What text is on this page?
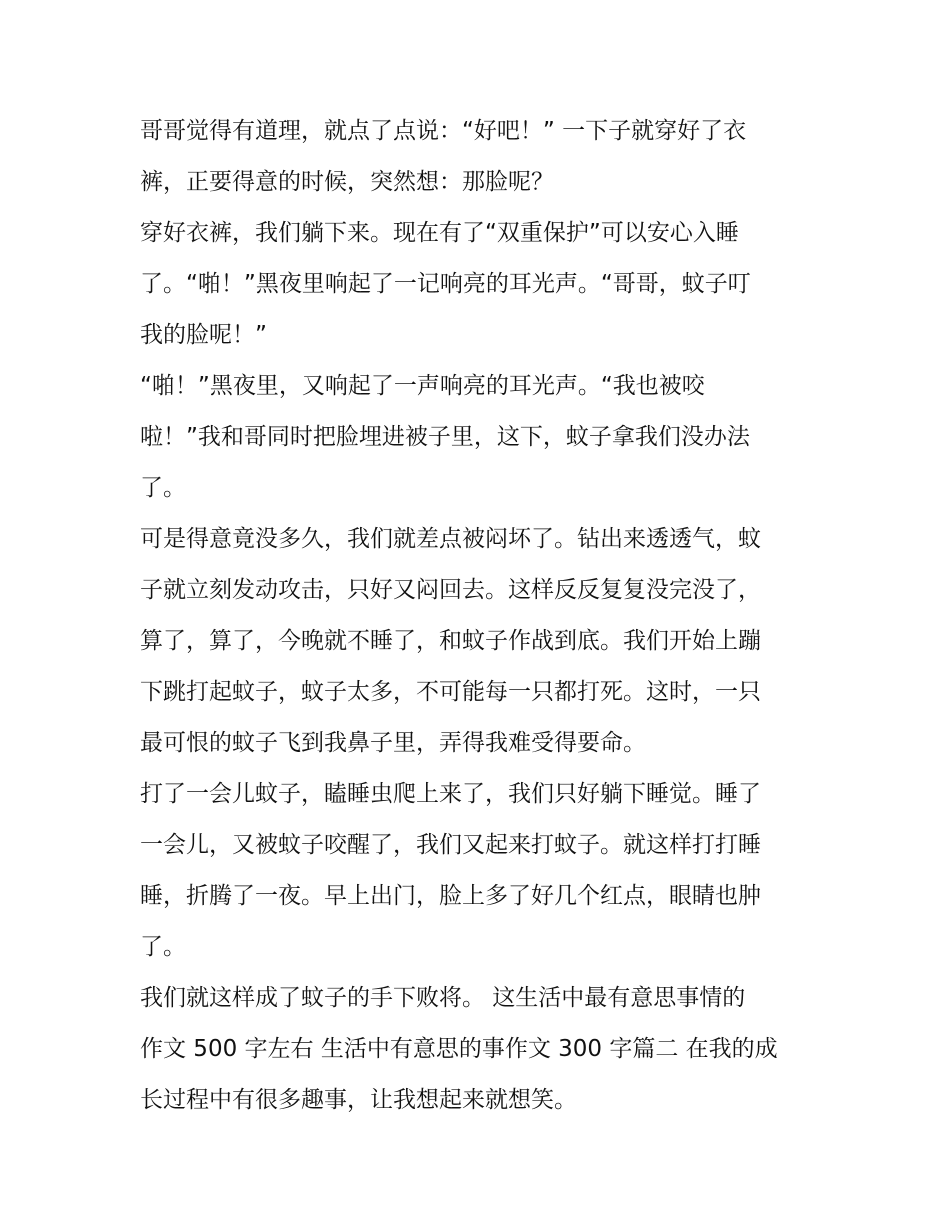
哥哥觉得有道理，就点了点说：“好吧！” 一下子就穿好了衣
裤，正要得意的时候，突然想：那脸呢？
穿好衣裤，我们躺下来。现在有了“双重保护”可以安心入睡
了。“啪！”黑夜里响起了一记响亮的耳光声。“哥哥，蚊子叮
我的脸呢！”
“啪！”黑夜里，又响起了一声响亮的耳光声。“我也被咬
啦！”我和哥同时把脸埋进被子里，这下，蚊子拿我们没办法
了。
可是得意竟没多久，我们就差点被闷坏了。钻出来透透气，蚊
子就立刻发动攻击，只好又闷回去。这样反反复复没完没了，
算了，算了，今晚就不睡了，和蚊子作战到底。我们开始上蹦
下跳打起蚊子，蚊子太多，不可能每一只都打死。这时，一只
最可恨的蚊子飞到我鼻子里，弄得我难受得要命。
打了一会儿蚊子，瞌睡虫爬上来了，我们只好躺下睡觉。睡了
一会儿，又被蚊子咬醒了，我们又起来打蚊子。就这样打打睡
睡，折腾了一夜。早上出门，脸上多了好几个红点，眼睛也肿
了。
我们就这样成了蚊子的手下败将。 这生活中最有意思事情的
作文 500 字左右 生活中有意思的事作文 300 字篇二 在我的成
长过程中有很多趣事，让我想起来就想笑。
